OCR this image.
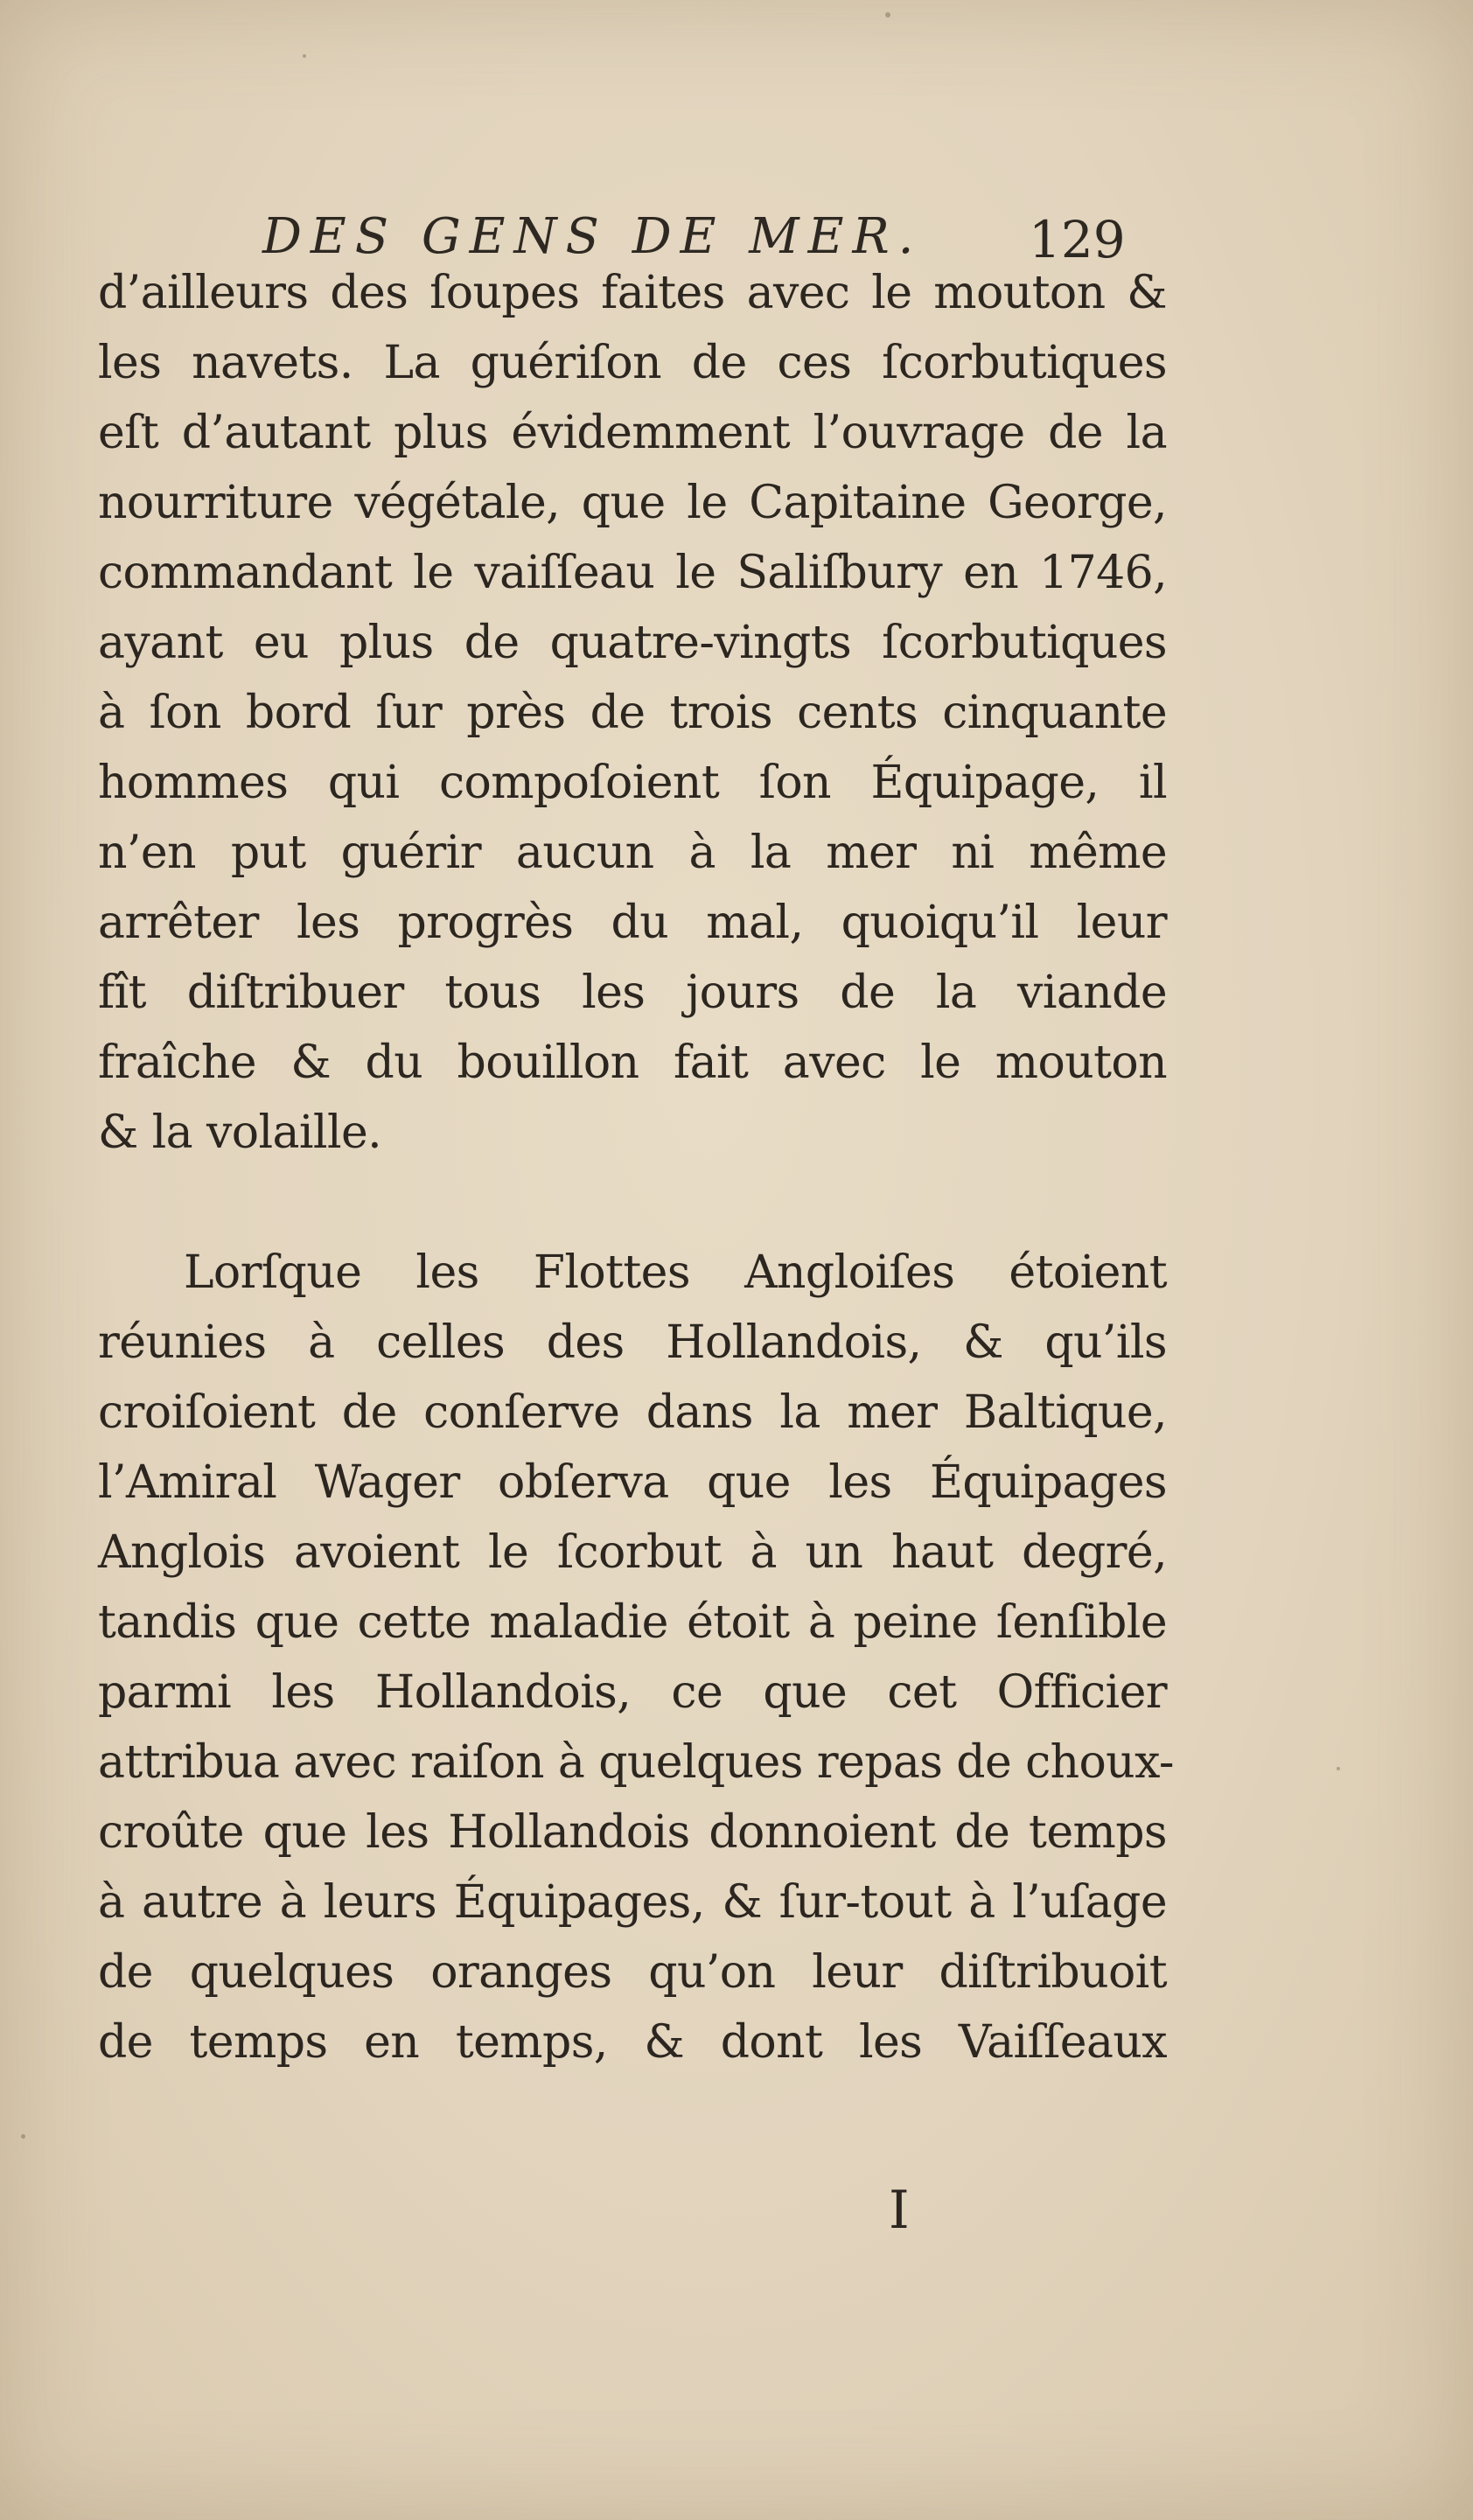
DES GENS DE MER. 129
d’ailleurs des ſoupes faites avec le mouton &
les navets. La guériſon de ces ſcorbutiques
eſt d’autant plus évidemment l’ouvrage de la
nourriture végétale, que le Capitaine George,
commandant le vaiſſeau le Saliſbury en 1746,
ayant eu plus de quatre-vingts ſcorbutiques
à ſon bord ſur près de trois cents cinquante
hommes qui compoſoient ſon Équipage, il
n’en put guérir aucun à la mer ni même
arrêter les progrès du mal, quoiqu’il leur
fît diſtribuer tous les jours de la viande
fraîche & du bouillon fait avec le mouton
& la volaille.
Lorſque les Flottes Angloiſes étoient
réunies à celles des Hollandois, & qu’ils
croiſoient de conſerve dans la mer Baltique,
l’Amiral Wager obſerva que les Équipages
Anglois avoient le ſcorbut à un haut degré,
tandis que cette maladie étoit à peine ſenſible
parmi les Hollandois, ce que cet Officier
attribua avec raiſon à quelques repas de choux-
croûte que les Hollandois donnoient de temps
à autre à leurs Équipages, & ſur-tout à l’uſage
de quelques oranges qu’on leur diſtribuoit
de temps en temps, & dont les Vaiſſeaux
I
